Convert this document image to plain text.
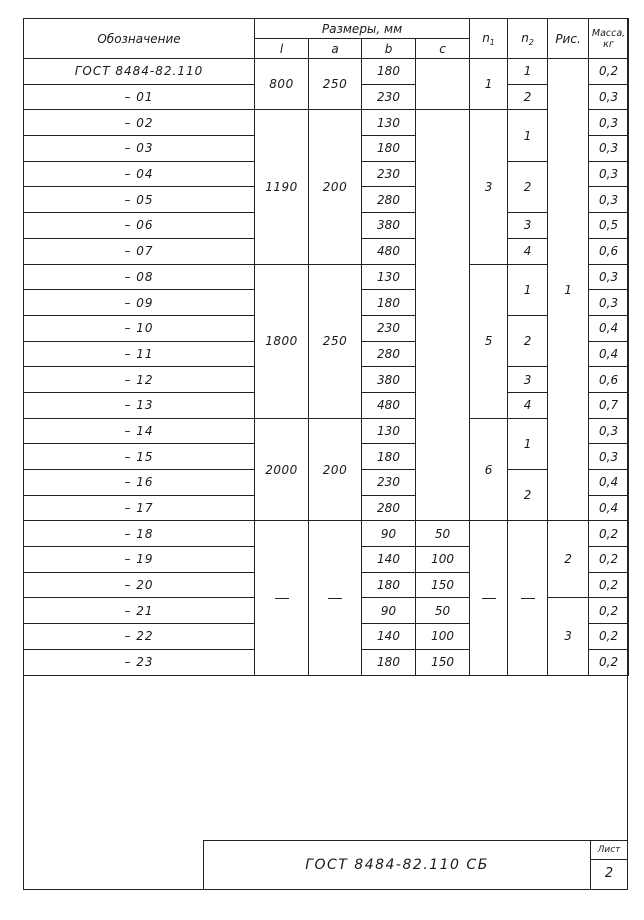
Обозначение	Размеры, мм				$n_1$	$n_2$	Рис.	Масса,
кг
	l	a	b	c				
ГОСТ 8484-82.110	800	250	180		1	1	1	0,2
– 01			230			2		0,3
– 02	1190	200	130		3	1		0,3
– 03			180					0,3
– 04			230			2		0,3
– 05			280					0,3
– 06			380			3		0,5
– 07			480			4		0,6
– 08	1800	250	130		5	1		0,3
– 09			180					0,3
– 10			230			2		0,4
– 11			280					0,4
– 12			380			3		0,6
– 13			480			4		0,7
– 14	2000	200	130		6	1		0,3
– 15			180					0,3
– 16			230			2		0,4
– 17			280					0,4
– 18			90	50			2	0,2
– 19			140	100				0,2
– 20			180	150				0,2
– 21			90	50			3	0,2
– 22			140	100				0,2
– 23			180	150				0,2
ГОСТ 8484-82.110 СБ
Лист
2
